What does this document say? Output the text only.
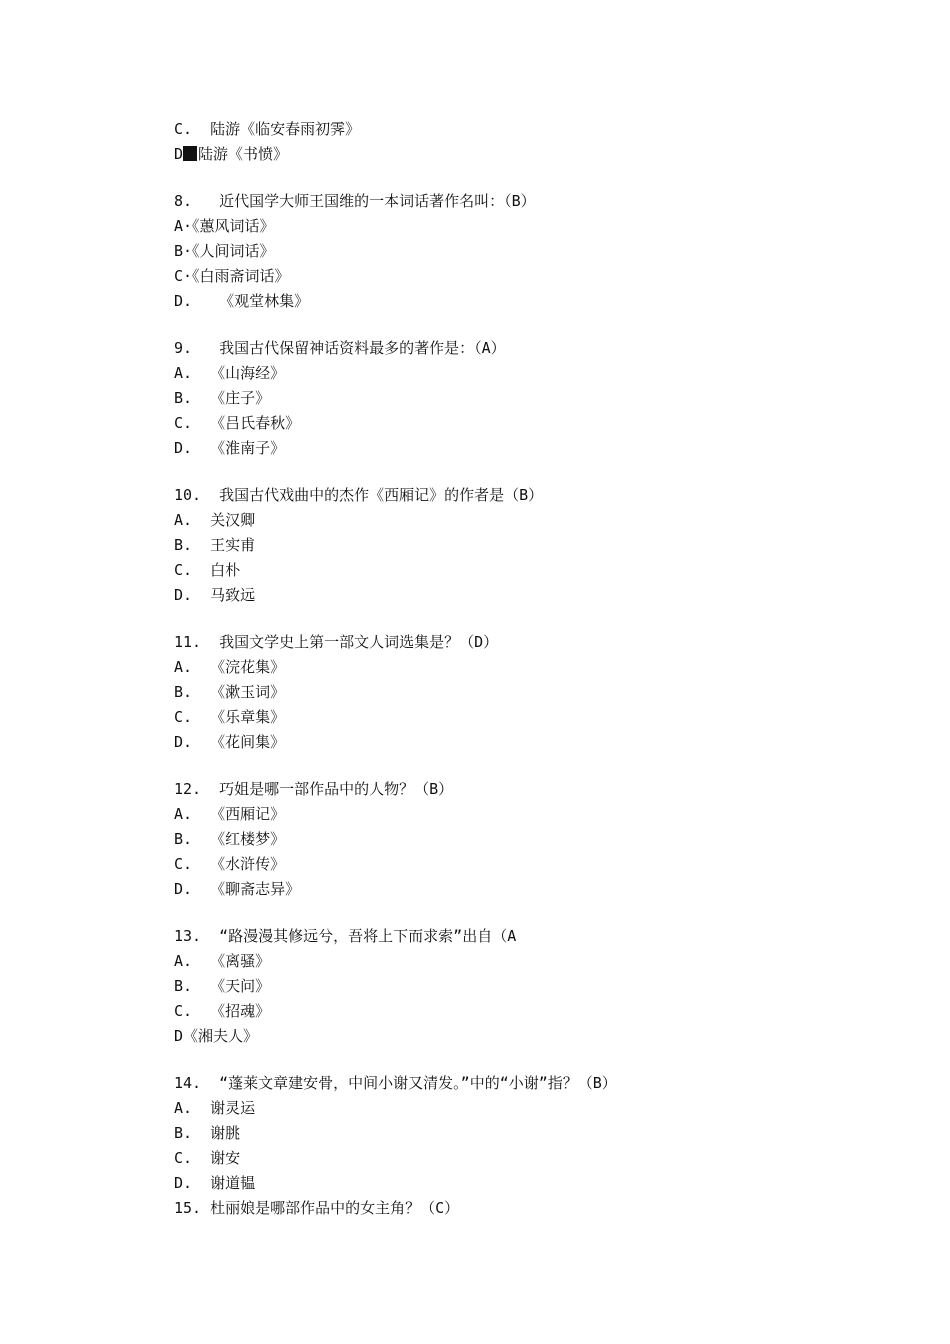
C.  陆游《临安春雨初霁》
D 陆游《书愤》
8.   近代国学大师王国维的一本词话著作名叫：（B）
A·《蕙风词话》
B·《人间词话》
C·《白雨斋词话》
D.   《观堂林集》
9.   我国古代保留神话资料最多的著作是：（A）
A.  《山海经》
B.  《庄子》
C.  《吕氏春秋》
D.  《淮南子》
10.  我国古代戏曲中的杰作《西厢记》的作者是（B）
A.  关汉卿
B.  王实甫
C.  白朴
D.  马致远
11.  我国文学史上第一部文人词选集是？（D）
A.  《浣花集》
B.  《漱玉词》
C.  《乐章集》
D.  《花间集》
12.  巧姐是哪一部作品中的人物？（B）
A.  《西厢记》
B.  《红楼梦》
C.  《水浒传》
D.  《聊斋志异》
13.  “路漫漫其修远兮，吾将上下而求索”出自（A
A.  《离骚》
B.  《天问》
C.  《招魂》
D《湘夫人》
14.  “蓬莱文章建安骨，中间小谢又清发。”中的“小谢”指？（B）
A.  谢灵运
B.  谢朓
C.  谢安
D.  谢道韫
15. 杜丽娘是哪部作品中的女主角？（C）
